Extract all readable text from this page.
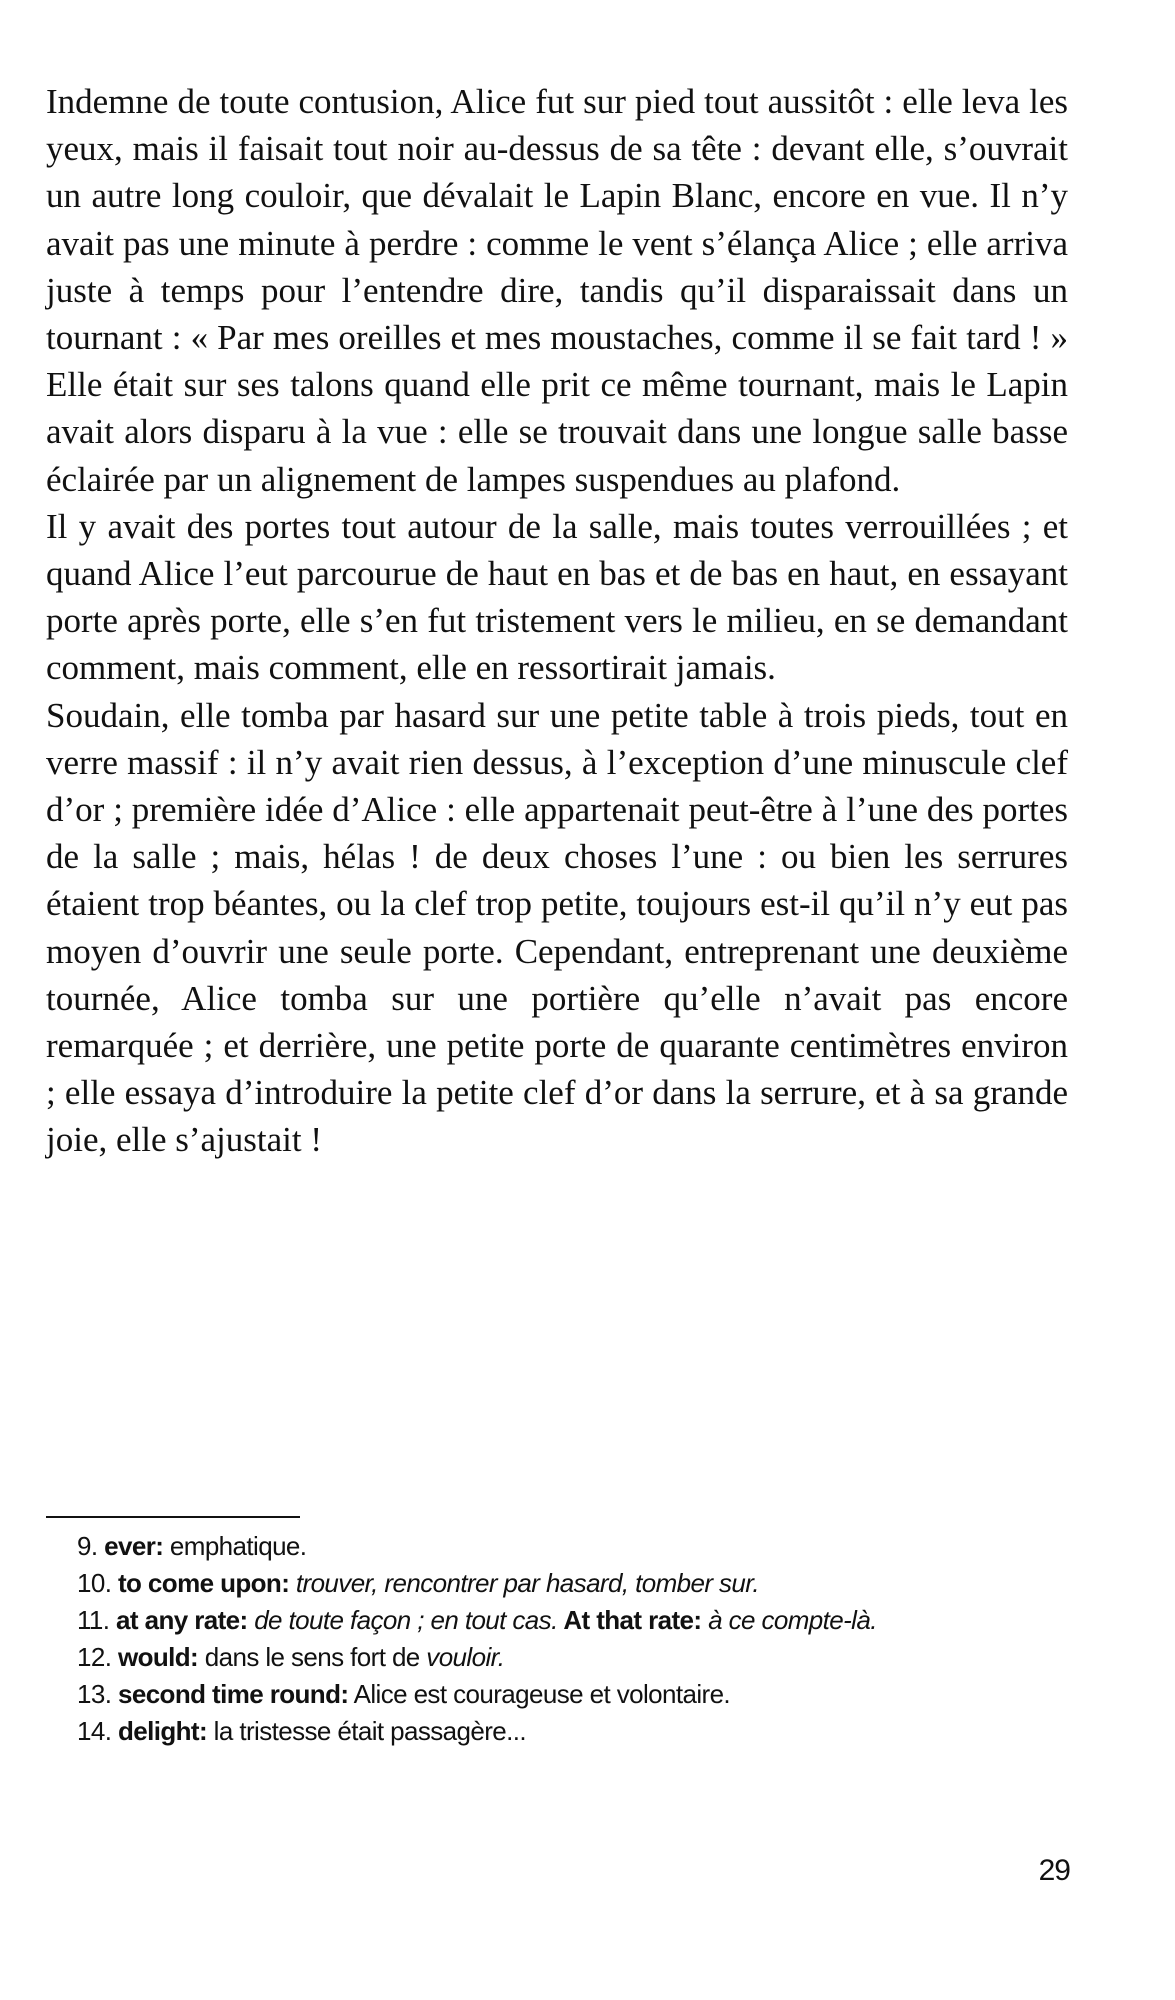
Indemne de toute contusion, Alice fut sur pied tout aussitôt : elle leva les yeux, mais il faisait tout noir au-dessus de sa tête : devant elle, s’ouvrait un autre long couloir, que dévalait le Lapin Blanc, encore en vue. Il n’y avait pas une minute à perdre : comme le vent s’élança Alice ; elle arriva juste à temps pour l’entendre dire, tandis qu’il disparaissait dans un tournant : « Par mes oreilles et mes moustaches, comme il se fait tard ! » Elle était sur ses talons quand elle prit ce même tournant, mais le Lapin avait alors disparu à la vue : elle se trouvait dans une longue salle basse éclairée par un alignement de lampes suspendues au plafond.

Il y avait des portes tout autour de la salle, mais toutes verrouillées ; et quand Alice l’eut parcourue de haut en bas et de bas en haut, en essayant porte après porte, elle s’en fut tristement vers le milieu, en se demandant comment, mais comment, elle en ressortirait jamais.

Soudain, elle tomba par hasard sur une petite table à trois pieds, tout en verre massif : il n’y avait rien dessus, à l’exception d’une minuscule clef d’or ; première idée d’Alice : elle appartenait peut-être à l’une des portes de la salle ; mais, hélas ! de deux choses l’une : ou bien les serrures étaient trop béantes, ou la clef trop petite, toujours est-il qu’il n’y eut pas moyen d’ouvrir une seule porte. Cependant, entreprenant une deuxième tournée, Alice tomba sur une portière qu’elle n’avait pas encore remarquée ; et derrière, une petite porte de quarante centimètres environ ; elle essaya d’introduire la petite clef d’or dans la serrure, et à sa grande joie, elle s’ajustait !

9. ever: emphatique.

10. to come upon: trouver, rencontrer par hasard, tomber sur.

11. at any rate: de toute façon ; en tout cas. At that rate: à ce compte-là.

12. would: dans le sens fort de vouloir.

13. second time round: Alice est courageuse et volontaire.

14. delight: la tristesse était passagère...

29
